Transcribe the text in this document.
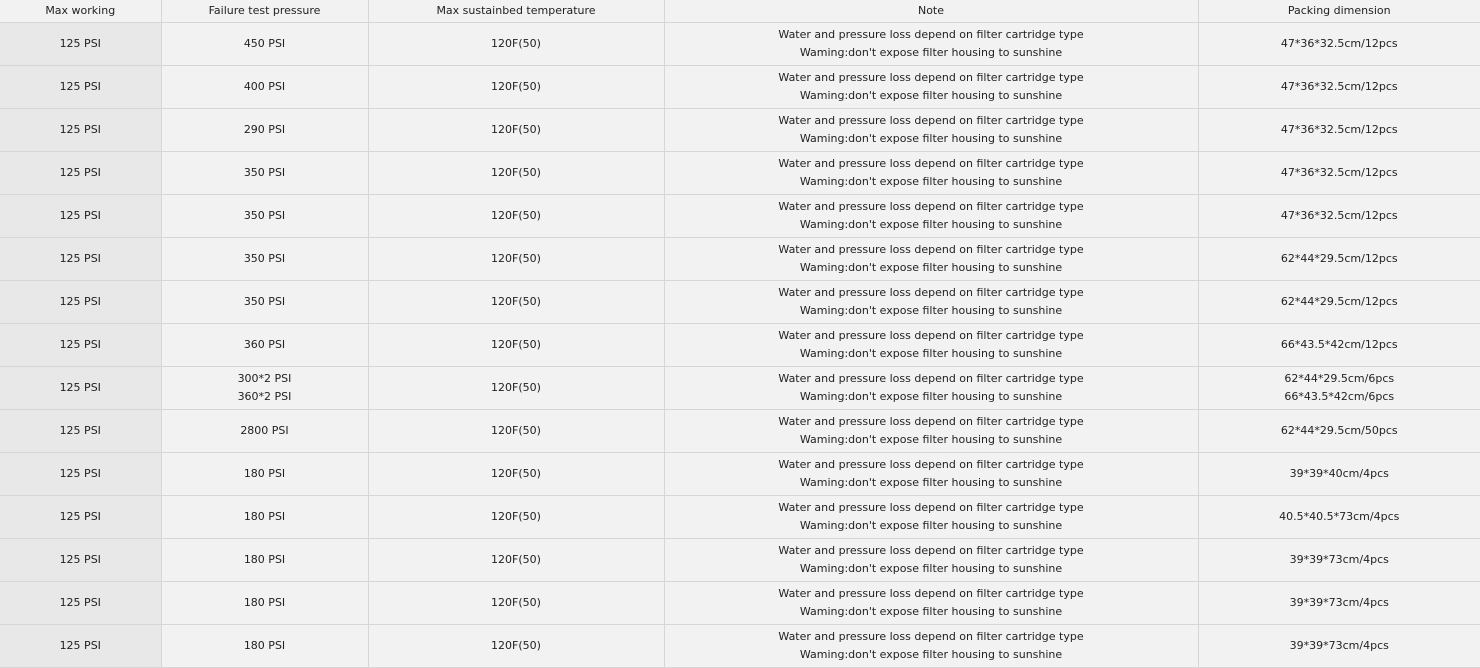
Max working	Failure test pressure	Max sustainbed temperature	Note	Packing dimension
125 PSI	450 PSI	120F(50)	Water and pressure loss depend on filter cartridge type
Waming:don't expose filter housing to sunshine	47*36*32.5cm/12pcs

125 PSI	400 PSI	120F(50)	Water and pressure loss depend on filter cartridge type
Waming:don't expose filter housing to sunshine	47*36*32.5cm/12pcs

125 PSI	290 PSI	120F(50)	Water and pressure loss depend on filter cartridge type
Waming:don't expose filter housing to sunshine	47*36*32.5cm/12pcs

125 PSI	350 PSI	120F(50)	Water and pressure loss depend on filter cartridge type
Waming:don't expose filter housing to sunshine	47*36*32.5cm/12pcs

125 PSI	350 PSI	120F(50)	Water and pressure loss depend on filter cartridge type
Waming:don't expose filter housing to sunshine	47*36*32.5cm/12pcs

125 PSI	350 PSI	120F(50)	Water and pressure loss depend on filter cartridge type
Waming:don't expose filter housing to sunshine	62*44*29.5cm/12pcs

125 PSI	350 PSI	120F(50)	Water and pressure loss depend on filter cartridge type
Waming:don't expose filter housing to sunshine	62*44*29.5cm/12pcs

125 PSI	360 PSI	120F(50)	Water and pressure loss depend on filter cartridge type
Waming:don't expose filter housing to sunshine	66*43.5*42cm/12pcs

125 PSI	300*2 PSI
360*2 PSI	120F(50)	Water and pressure loss depend on filter cartridge type
Waming:don't expose filter housing to sunshine	62*44*29.5cm/6pcs
66*43.5*42cm/6pcs

125 PSI	2800 PSI	120F(50)	Water and pressure loss depend on filter cartridge type
Waming:don't expose filter housing to sunshine	62*44*29.5cm/50pcs

125 PSI	180 PSI	120F(50)	Water and pressure loss depend on filter cartridge type
Waming:don't expose filter housing to sunshine	39*39*40cm/4pcs

125 PSI	180 PSI	120F(50)	Water and pressure loss depend on filter cartridge type
Waming:don't expose filter housing to sunshine	40.5*40.5*73cm/4pcs

125 PSI	180 PSI	120F(50)	Water and pressure loss depend on filter cartridge type
Waming:don't expose filter housing to sunshine	39*39*73cm/4pcs

125 PSI	180 PSI	120F(50)	Water and pressure loss depend on filter cartridge type
Waming:don't expose filter housing to sunshine	39*39*73cm/4pcs

125 PSI	180 PSI	120F(50)	Water and pressure loss depend on filter cartridge type
Waming:don't expose filter housing to sunshine	39*39*73cm/4pcs
